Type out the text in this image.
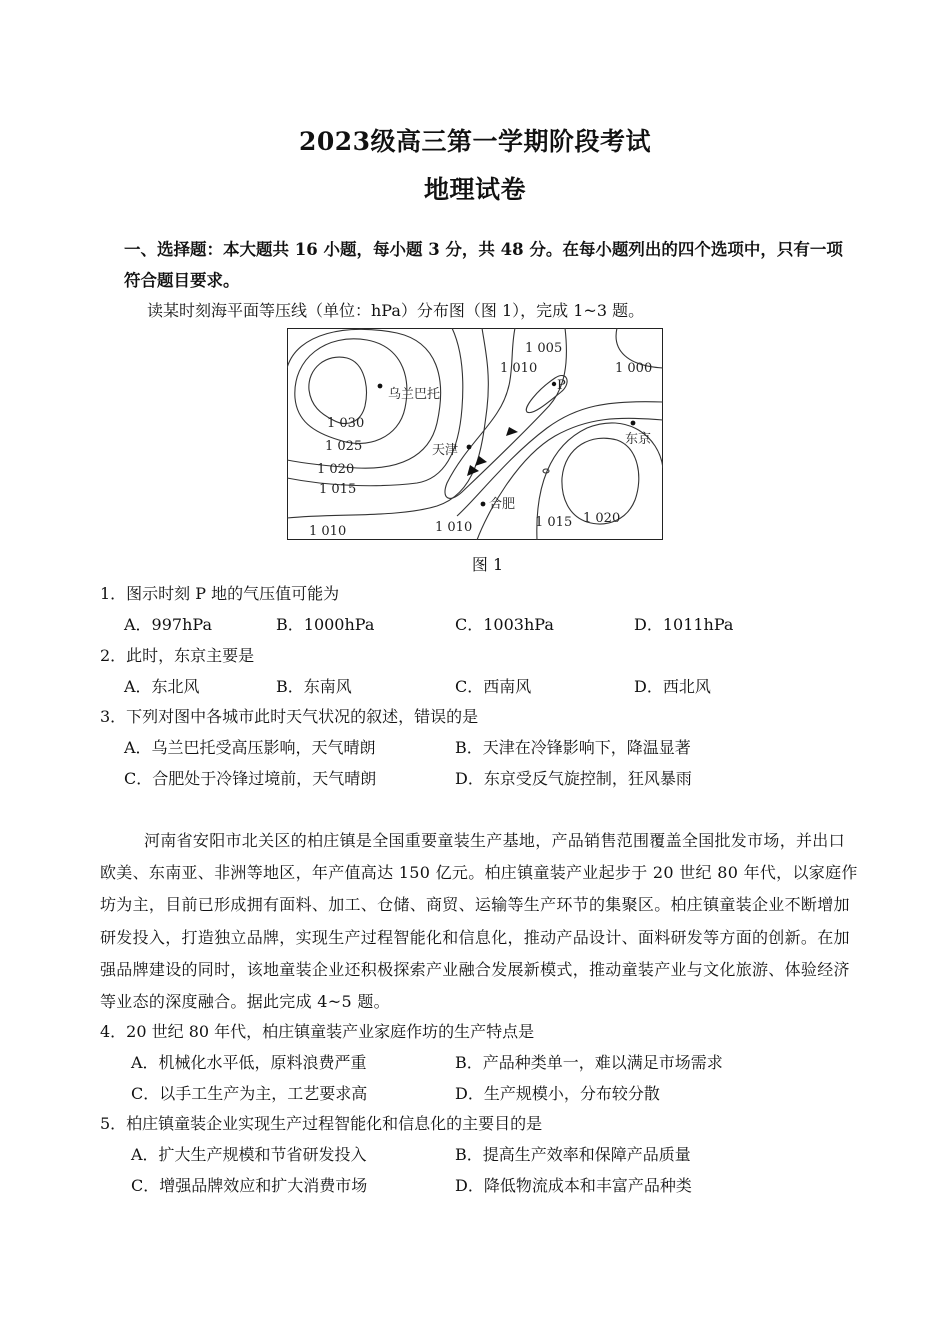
2023级高三第一学期阶段考试
地理试卷
一、选择题：本大题共 16 小题，每小题 3 分，共 48 分。在每小题列出的四个选项中，只有一项符合题目要求。
读某时刻海平面等压线（单位：hPa）分布图（图 1），完成 1~3 题。
乌兰巴托
天津
合肥
东京
P
1 005
1 010	1 000
1 030
1 025
1 020
1 015
1 010	1 010	1 015 1 020
图 1
1．图示时刻 P 地的气压值可能为
A．997hPa	B．1000hPa	C．1003hPa	D．1011hPa
2．此时，东京主要是
A．东北风	B．东南风	C．西南风	D．西北风
3．下列对图中各城市此时天气状况的叙述，错误的是
A．乌兰巴托受高压影响，天气晴朗	B．天津在冷锋影响下，降温显著
C．合肥处于冷锋过境前，天气晴朗	D．东京受反气旋控制，狂风暴雨
河南省安阳市北关区的柏庄镇是全国重要童装生产基地，产品销售范围覆盖全国批发市场，并出口欧美、东南亚、非洲等地区，年产值高达 150 亿元。柏庄镇童装产业起步于 20 世纪 80 年代，以家庭作坊为主，目前已形成拥有面料、加工、仓储、商贸、运输等生产环节的集聚区。柏庄镇童装企业不断增加研发投入，打造独立品牌，实现生产过程智能化和信息化，推动产品设计、面料研发等方面的创新。在加强品牌建设的同时，该地童装企业还积极探索产业融合发展新模式，推动童装产业与文化旅游、体验经济等业态的深度融合。据此完成 4~5 题。
4．20 世纪 80 年代，柏庄镇童装产业家庭作坊的生产特点是
A．机械化水平低，原料浪费严重	B．产品种类单一，难以满足市场需求
C．以手工生产为主，工艺要求高	D．生产规模小，分布较分散
5．柏庄镇童装企业实现生产过程智能化和信息化的主要目的是
A．扩大生产规模和节省研发投入	B．提高生产效率和保障产品质量
C．增强品牌效应和扩大消费市场	D．降低物流成本和丰富产品种类
